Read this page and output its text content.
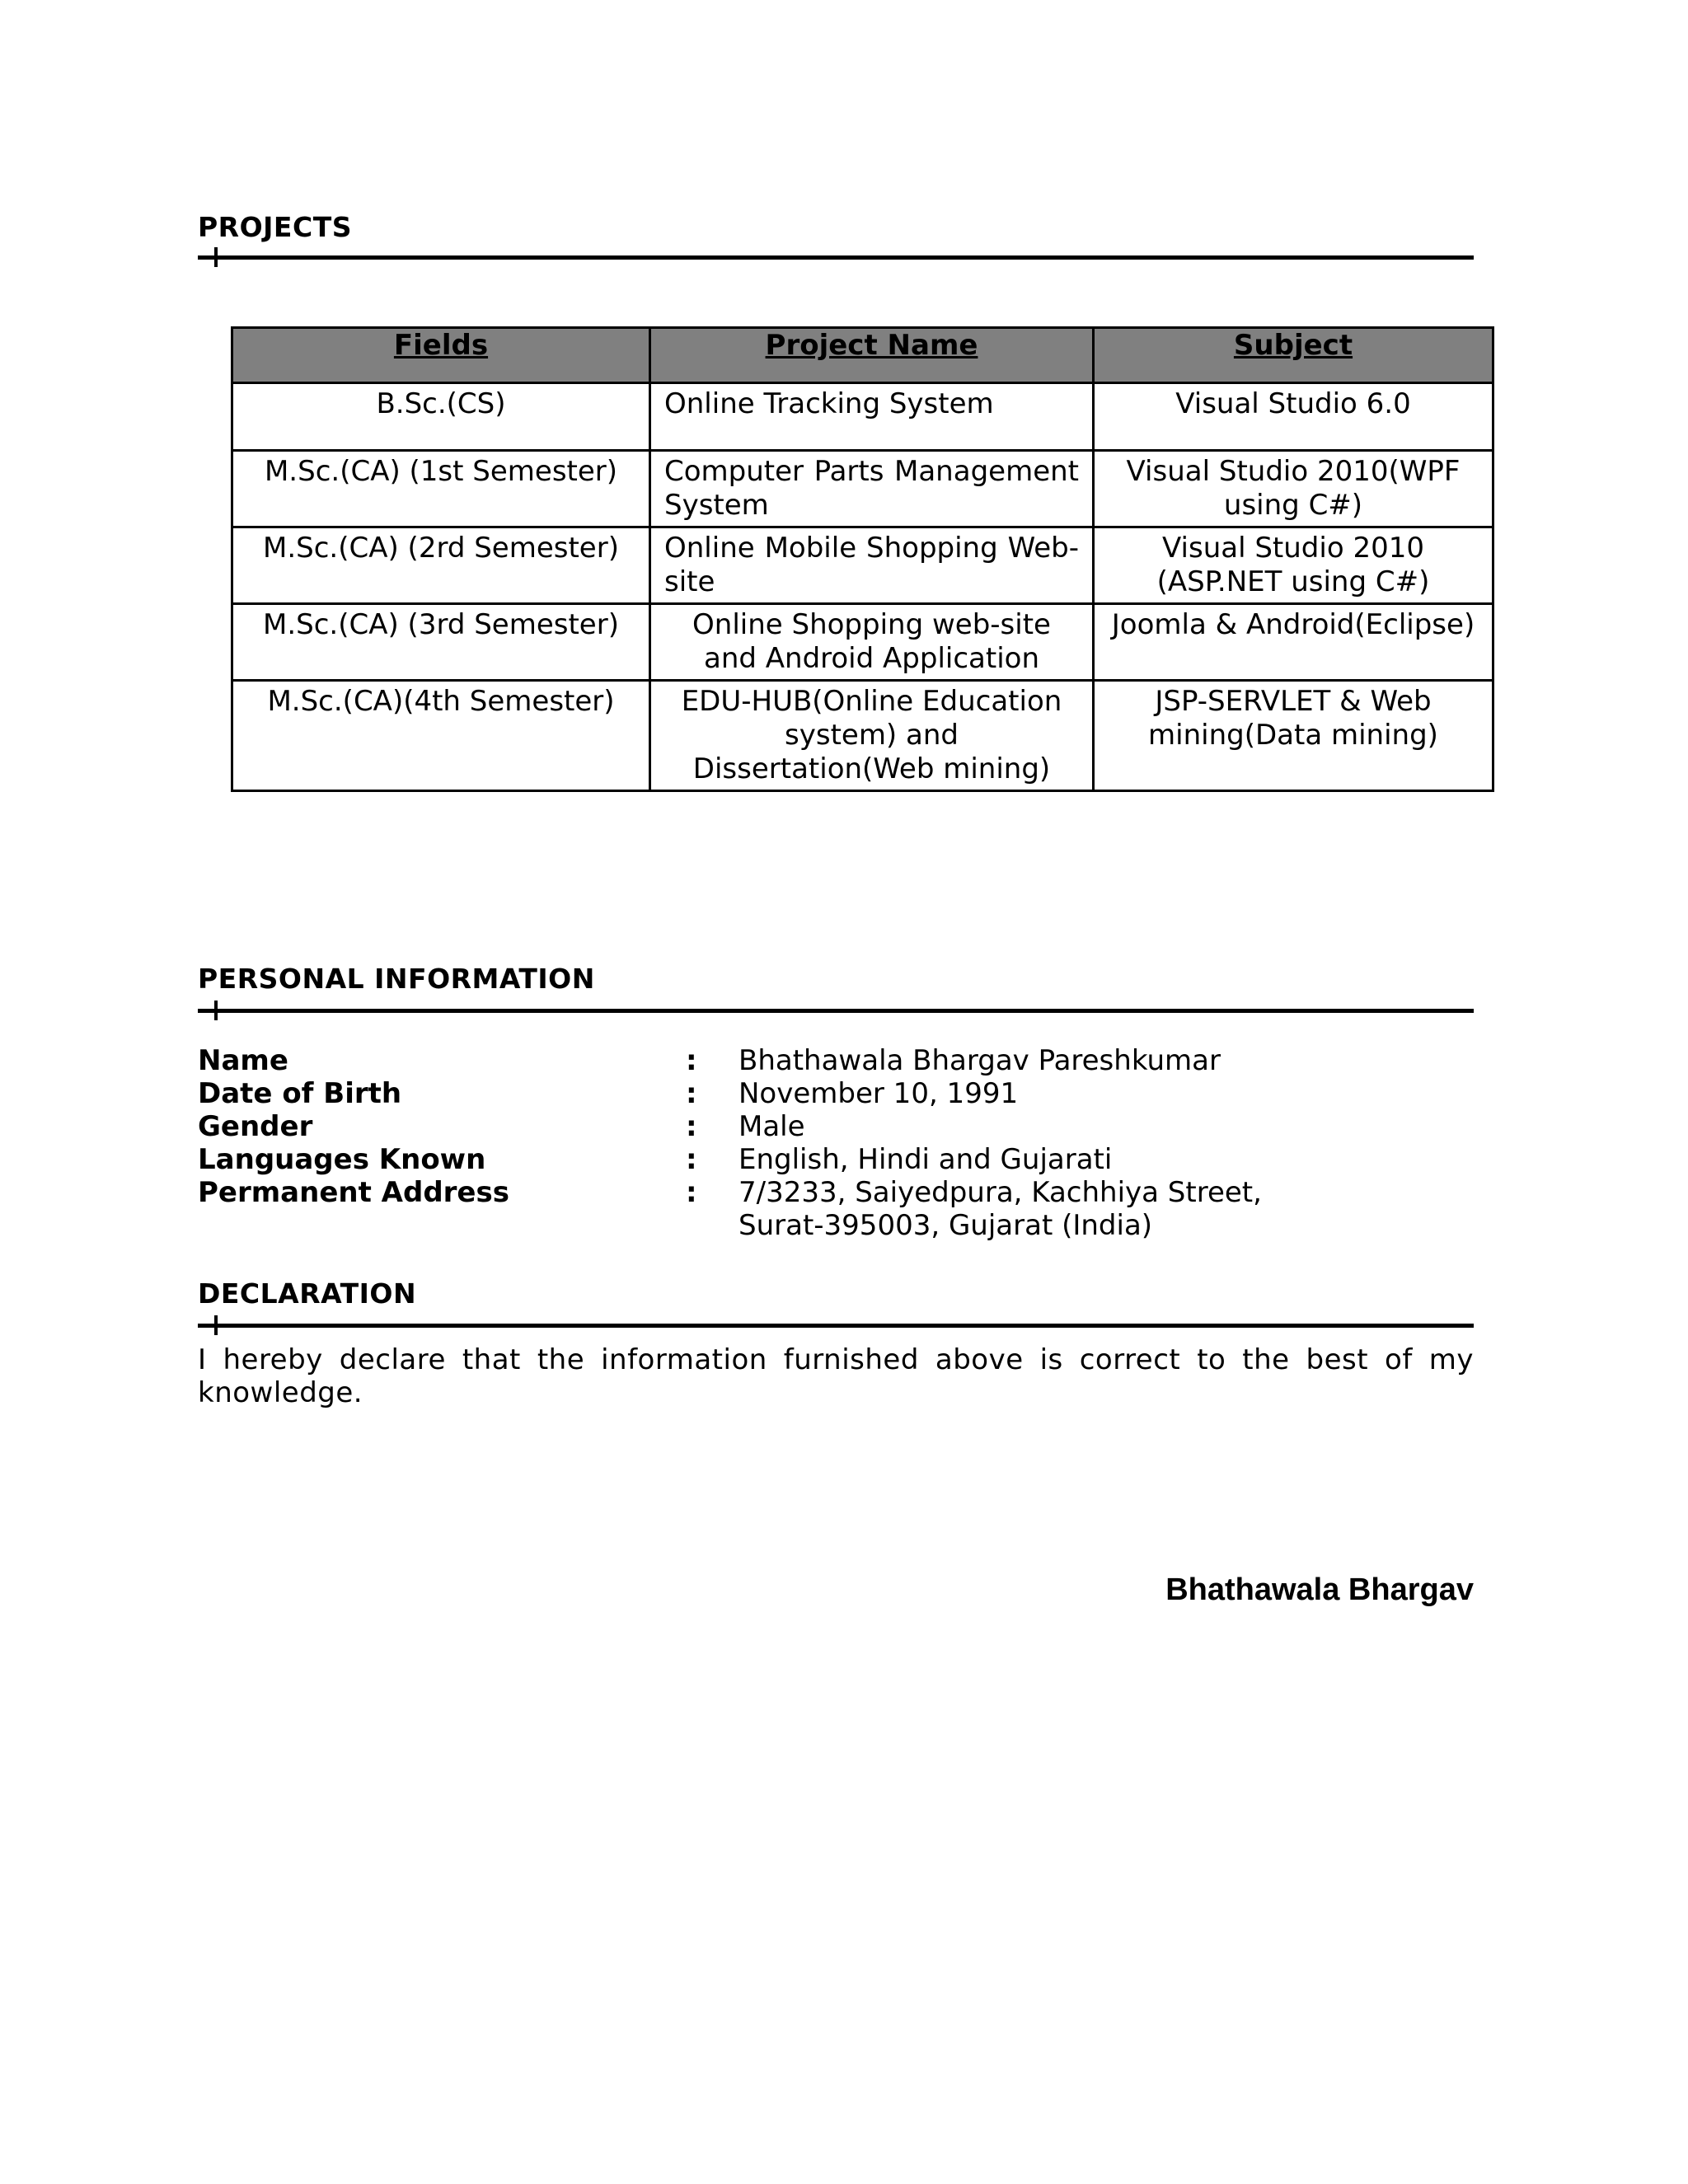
PROJECTS
Fields	Project Name	Subject
B.Sc.(CS)	Online Tracking System	Visual Studio 6.0
M.Sc.(CA) (1st Semester)	Computer Parts Management System	Visual Studio 2010(WPF using C#)
M.Sc.(CA) (2rd Semester)	Online Mobile Shopping Web-site	Visual Studio 2010 (ASP.NET using C#)
M.Sc.(CA) (3rd Semester)	Online Shopping web-site and Android Application	Joomla & Android(Eclipse)
M.Sc.(CA)(4th Semester)	EDU-HUB(Online Education system) and Dissertation(Web mining)	JSP-SERVLET & Web mining(Data mining)
PERSONAL INFORMATION
Name	:	Bhathawala Bhargav Pareshkumar
Date of Birth	:	November 10, 1991
Gender	:	Male
Languages Known	:	English, Hindi and Gujarati
Permanent Address	:	7/3233, Saiyedpura, Kachhiya Street,
Surat-395003, Gujarat (India)
DECLARATION
I hereby declare that the information furnished above is correct to the best of my knowledge.
Bhathawala Bhargav
